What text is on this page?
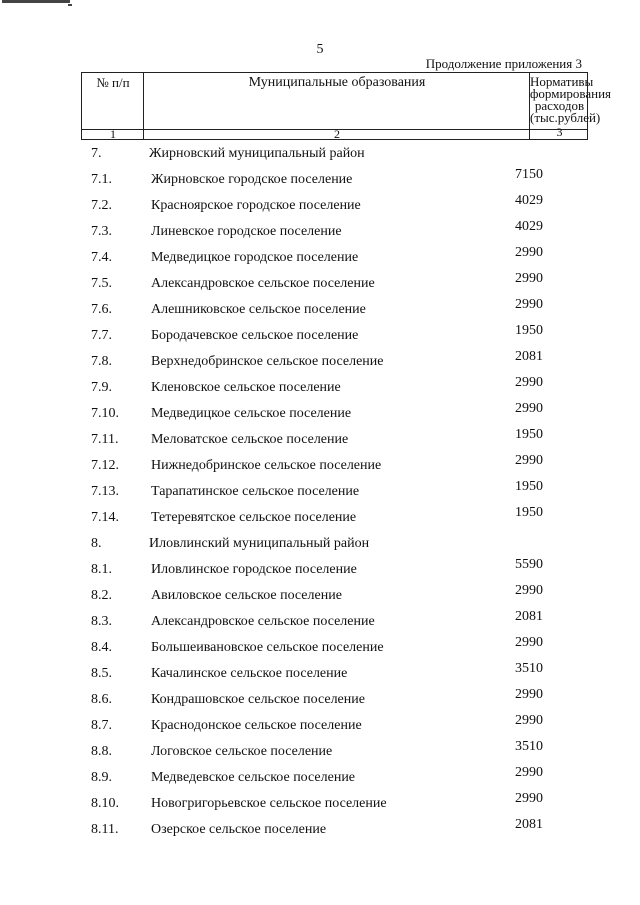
5
Продолжение приложения 3
№ п/п	Муниципальные образования	Нормативы формирования расходов (тыс.рублей)
1	2	3
7.	Жирновский муниципальный район
7.1.	Жирновское городское поселение	7150
7.2.	Красноярское городское поселение	4029
7.3.	Линевское городское поселение	4029
7.4.	Медведицкое городское поселение	2990
7.5.	Александровское сельское поселение	2990
7.6.	Алешниковское сельское поселение	2990
7.7.	Бородачевское сельское поселение	1950
7.8.	Верхнедобринское сельское поселение	2081
7.9.	Кленовское сельское поселение	2990
7.10. Медведицкое сельское поселение	2990
7.11. Меловатское сельское поселение	1950
7.12. Нижнедобринское сельское поселение	2990
7.13. Тарапатинское сельское поселение	1950
7.14. Тетеревятское сельское поселение	1950
8.	Иловлинский муниципальный район
8.1.	Иловлинское городское поселение	5590
8.2.	Авиловское сельское поселение	2990
8.3.	Александровское сельское поселение	2081
8.4.	Большеивановское сельское поселение	2990
8.5.	Качалинское сельское поселение	3510
8.6.	Кондрашовское сельское поселение	2990
8.7.	Краснодонское сельское поселение	2990
8.8.	Логовское сельское поселение	3510
8.9.	Медведевское сельское поселение	2990
8.10. Новогригорьевское сельское поселение	2990
8.11. Озерское сельское поселение	2081
